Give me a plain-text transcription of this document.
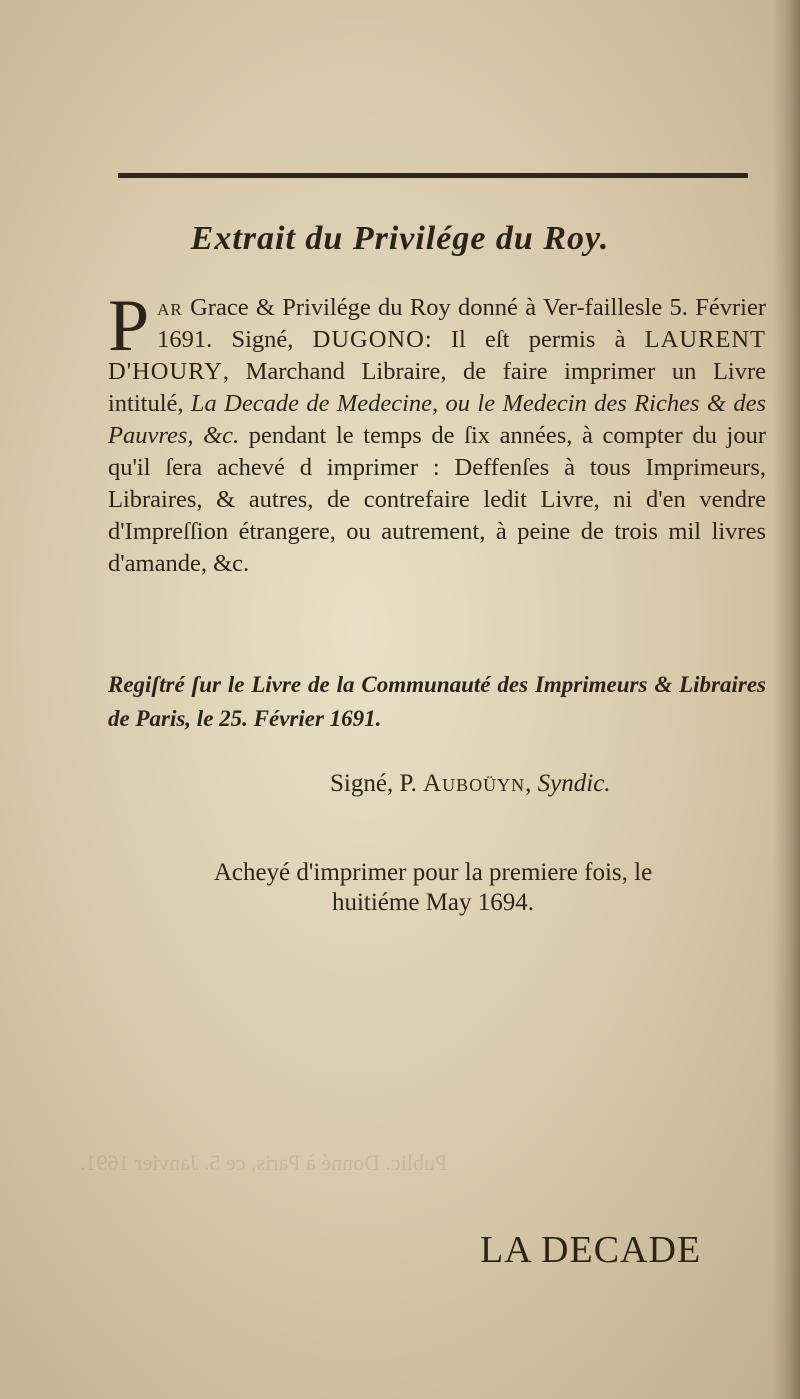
Public. Donné à Paris, ce 5. Janvier 1691.
Extrait du Privilége du Roy.
Par Grace & Privilége du Roy donné à Ver-faillesle 5. Février 1691. Signé, DUGONO: Il eſt permis à LAURENT D'HOURY, Marchand Libraire, de faire imprimer un Livre intitulé, La Decade de Medecine, ou le Medecin des Riches & des Pauvres, &c. pendant le temps de ſix années, à compter du jour qu'il ſera achevé d imprimer : Deffenſes à tous Imprimeurs, Libraires, & autres, de contrefaire ledit Livre, ni d'en vendre d'Impreſſion étrangere, ou autrement, à peine de trois mil livres d'amande, &c.
Regiſtré ſur le Livre de la Communauté des Imprimeurs & Libraires de Paris, le 25. Février 1691.
Signé, P. Auboüyn, Syndic.
Acheyé d'imprimer pour la premiere fois, le
huitiéme May 1694.
LA DECADE
